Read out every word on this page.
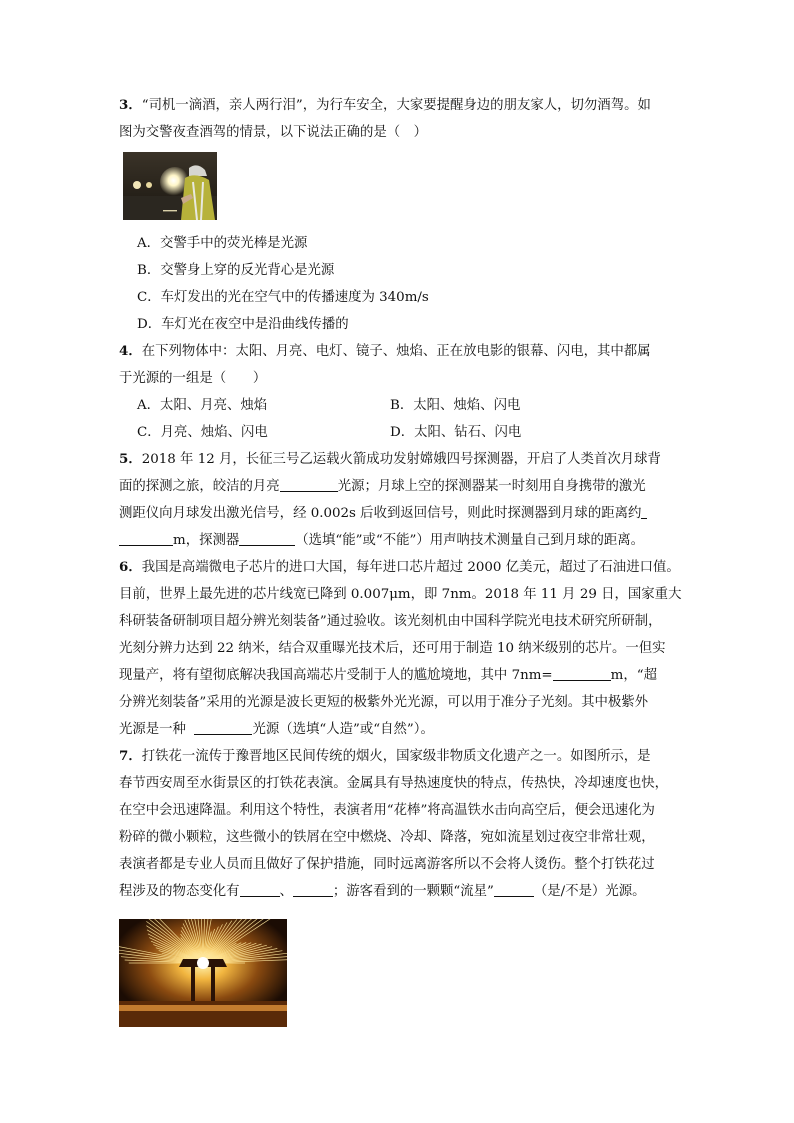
3．“司机一滴酒，亲人两行泪”，为行车安全，大家要提醒身边的朋友家人，切勿酒驾。如
图为交警夜查酒驾的情景，以下说法正确的是（　）
A．交警手中的荧光棒是光源
B．交警身上穿的反光背心是光源
C．车灯发出的光在空气中的传播速度为 340m/s
D．车灯光在夜空中是沿曲线传播的
4．在下列物体中：太阳、月亮、电灯、镜子、烛焰、正在放电影的银幕、闪电，其中都属
于光源的一组是（　　）
A．太阳、月亮、烛焰	B．太阳、烛焰、闪电
C．月亮、烛焰、闪电	D．太阳、钻石、闪电
5．2018 年 12 月，长征三号乙运载火箭成功发射嫦娥四号探测器，开启了人类首次月球背
面的探测之旅，皎洁的月亮	光源；月球上空的探测器某一时刻用自身携带的激光
测距仪向月球发出激光信号，经 0.002s 后收到返回信号，则此时探测器到月球的距离约
m，探测器	（选填“能”或“不能”）用声呐技术测量自己到月球的距离。
6．我国是高端微电子芯片的进口大国，每年进口芯片超过 2000 亿美元，超过了石油进口值。
目前，世界上最先进的芯片线宽已降到 0.007μm，即 7nm。2018 年 11 月 29 日，国家重大
科研装备研制项目超分辨光刻装备”通过验收。该光刻机由中国科学院光电技术研究所研制，
光刻分辨力达到 22 纳米，结合双重曝光技术后，还可用于制造 10 纳米级别的芯片。一但实
现量产，将有望彻底解决我国高端芯片受制于人的尴尬境地，其中 7nm=	m，“超
分辨光刻装备”采用的光源是波长更短的极紫外光光源，可以用于准分子光刻。其中极紫外
光源是一种	光源（选填“人造”或“自然”）。
7．打铁花一流传于豫晋地区民间传统的烟火，国家级非物质文化遗产之一。如图所示，是
春节西安周至水街景区的打铁花表演。金属具有导热速度快的特点，传热快，冷却速度也快，
在空中会迅速降温。利用这个特性，表演者用“花棒”将高温铁水击向高空后，便会迅速化为
粉碎的微小颗粒，这些微小的铁屑在空中燃烧、冷却、降落，宛如流星划过夜空非常壮观，
表演者都是专业人员而且做好了保护措施，同时远离游客所以不会将人烫伤。整个打铁花过
程涉及的物态变化有	、	；游客看到的一颗颗“流星”	（是/不是）光源。
